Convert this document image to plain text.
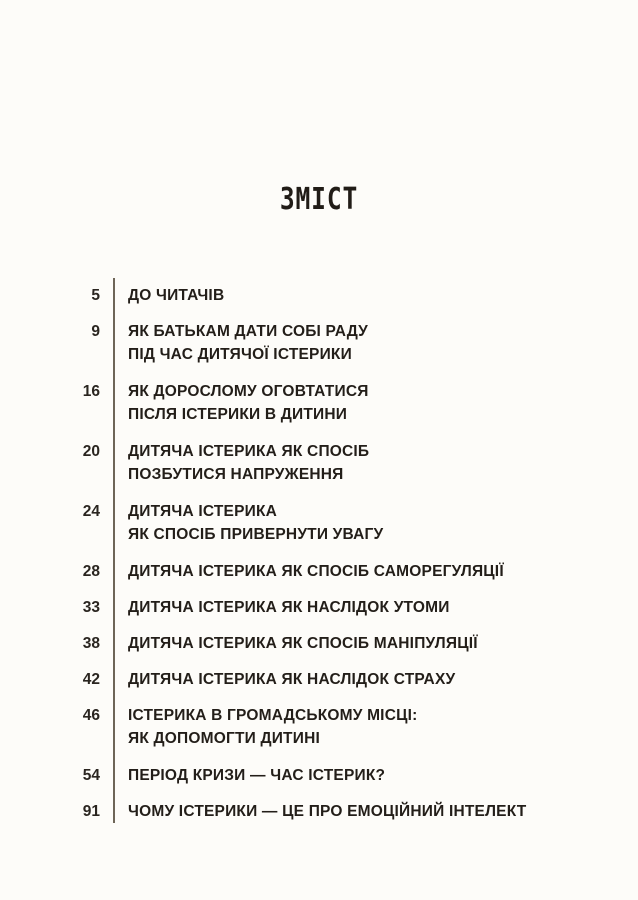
ЗМІСТ
5 ДО ЧИТАЧІВ
9 ЯК БАТЬКАМ ДАТИ СОБІ РАДУ
ПІД ЧАС ДИТЯЧОЇ ІСТЕРИКИ
16 ЯК ДОРОСЛОМУ ОГОВТАТИСЯ
ПІСЛЯ ІСТЕРИКИ В ДИТИНИ
20 ДИТЯЧА ІСТЕРИКА ЯК СПОСІБ
ПОЗБУТИСЯ НАПРУЖЕННЯ
24 ДИТЯЧА ІСТЕРИКА
ЯК СПОСІБ ПРИВЕРНУТИ УВАГУ
28 ДИТЯЧА ІСТЕРИКА ЯК СПОСІБ САМОРЕГУЛЯЦІЇ
33 ДИТЯЧА ІСТЕРИКА ЯК НАСЛІДОК УТОМИ
38 ДИТЯЧА ІСТЕРИКА ЯК СПОСІБ МАНІПУЛЯЦІЇ
42 ДИТЯЧА ІСТЕРИКА ЯК НАСЛІДОК СТРАХУ
46 ІСТЕРИКА В ГРОМАДСЬКОМУ МІСЦІ:
ЯК ДОПОМОГТИ ДИТИНІ
54 ПЕРІОД КРИЗИ — ЧАС ІСТЕРИК?
91 ЧОМУ ІСТЕРИКИ — ЦЕ ПРО ЕМОЦІЙНИЙ ІНТЕЛЕКТ
